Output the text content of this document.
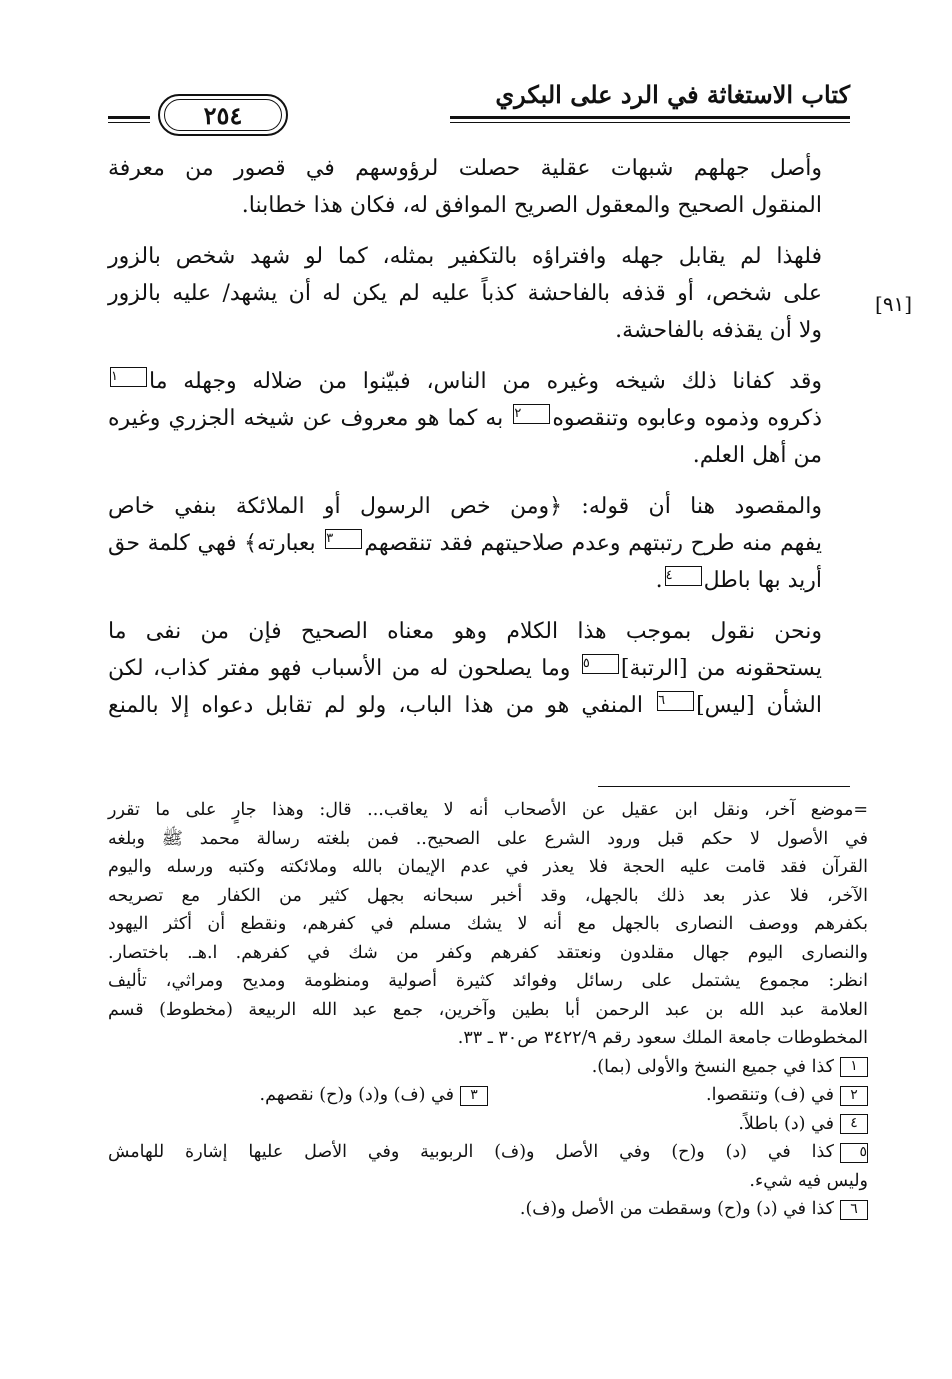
كتاب الاستغاثة في الرد على البكري
٢٥٤
[٩١]
وأصل جهلهم شبهات عقلية حصلت لرؤوسهم في قصور من معرفة
المنقول الصحيح والمعقول الصريح الموافق له، فكان هذا خطابنا.
فلهذا لم يقابل جهله وافتراؤه بالتكفير بمثله، كما لو شهد شخص بالزور
على شخص، أو قذفه بالفاحشة كذباً عليه لم يكن له أن يشهد/ عليه بالزور
ولا أن يقذفه بالفاحشة.
وقد كفانا ذلك شيخه وغيره من الناس، فبيّنوا من ضلاله وجهله ما١
ذكروه وذموه وعابوه وتنقصوه٢ به كما هو معروف عن شيخه الجزري وغيره
من أهل العلم.
والمقصود هنا أن قوله: ﴿ومن خص الرسول أو الملائكة بنفي خاص
يفهم منه طرح رتبتهم وعدم صلاحيتهم فقد تنقصهم٣ بعبارته﴾ فهي كلمة حق
أريد بها باطل٤.
ونحن نقول بموجب هذا الكلام وهو معناه الصحيح فإن من نفى ما
يستحقونه من [الرتبة]٥ وما يصلحون له من الأسباب فهو مفتر كذاب، لكن
الشأن [ليس]٦ المنفي هو من هذا الباب، ولو لم تقابل دعواه إلا بالمنع
=موضع آخر، ونقل ابن عقيل عن الأصحاب أنه لا يعاقب... قال: وهذا جارٍ على ما تقرر
في الأصول لا حكم قبل ورود الشرع على الصحيح.. فمن بلغته رسالة محمد ﷺ وبلغه
القرآن فقد قامت عليه الحجة فلا يعذر في عدم الإيمان بالله وملائكته وكتبه ورسله واليوم
الآخر، فلا عذر بعد ذلك بالجهل، وقد أخبر سبحانه بجهل كثير من الكفار مع تصريحه
بكفرهم ووصف النصارى بالجهل مع أنه لا يشك مسلم في كفرهم، ونقطع أن أكثر اليهود
والنصارى اليوم جهال مقلدون ونعتقد كفرهم وكفر من شك في كفرهم. ا.هـ. باختصار.
انظر: مجموع يشتمل على رسائل وفوائد كثيرة أصولية ومنظومة ومديح ومراثي، تأليف
العلامة عبد الله بن عبد الرحمن أبا بطين وآخرين، جمع عبد الله الربيعة (مخطوط) قسم
المخطوطات جامعة الملك سعود رقم ٣٤٢٢/٩ ص٣٠ ـ ٣٣.
١كذا في جميع النسخ والأولى (بما).
٢في (ف) وتنقصوا.
٣في (ف) و(د) و(ح) نقصهم.
٤في (د) باطلاً.
٥كذا في (د) و(ح) وفي الأصل و(ف) الربوبية وفي الأصل عليها إشارة للهامش
وليس فيه شيء.
٦كذا في (د) و(ح) وسقطت من الأصل و(ف).
